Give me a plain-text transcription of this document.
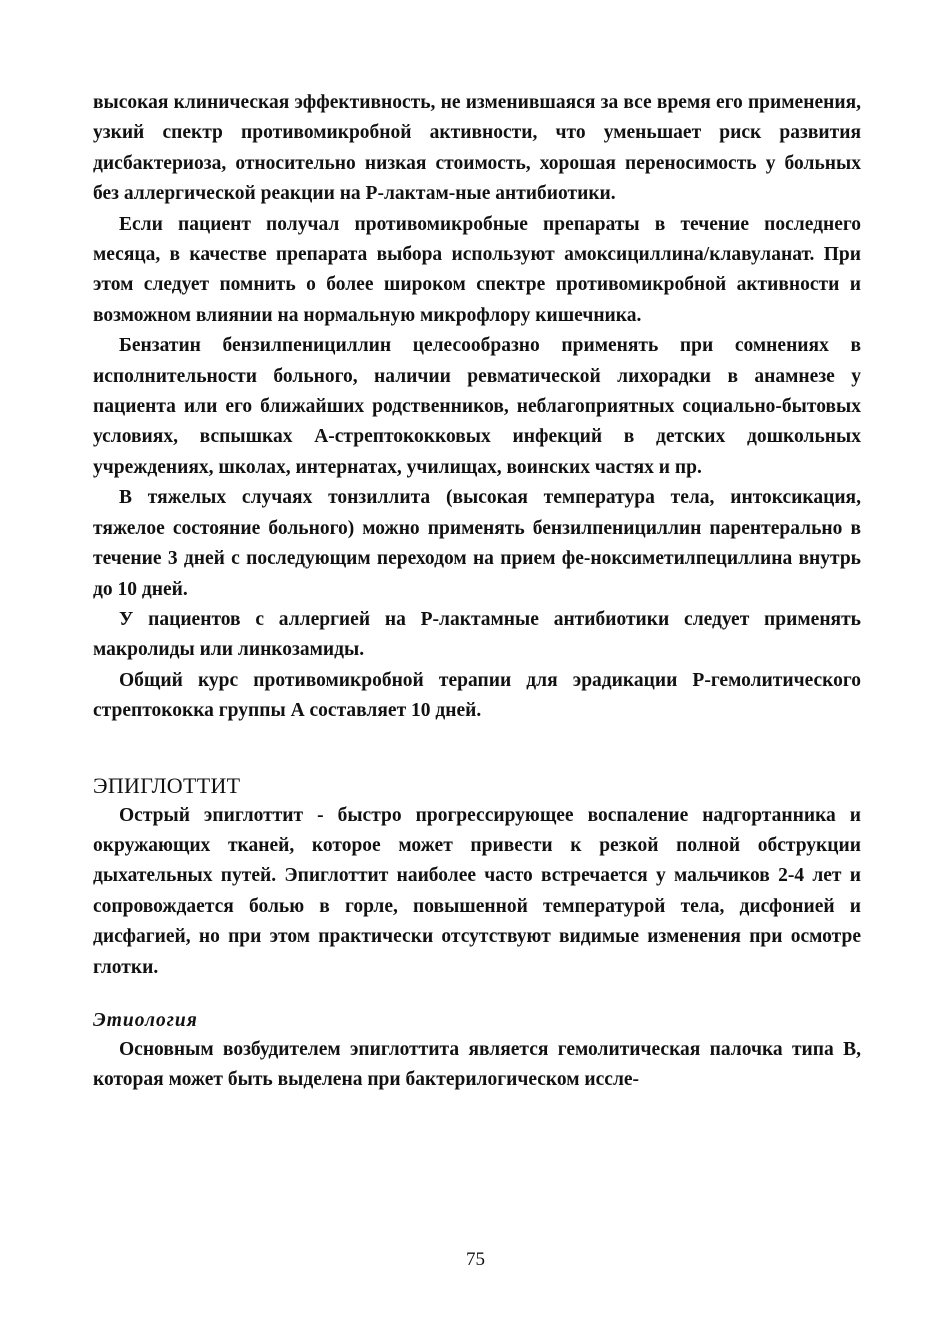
высокая клиническая эффективность, не изменившаяся за все время его применения, узкий спектр противомикробной активности, что уменьшает риск развития дисбактериоза, относительно низкая стоимость, хорошая переносимость у больных без аллергической реакции на Р-лактам-ные антибиотики.

Если пациент получал противомикробные препараты в течение последнего месяца, в качестве препарата выбора используют амоксициллина/клавуланат. При этом следует помнить о более широком спектре противомикробной активности и возможном влиянии на нормальную микрофлору кишечника.

Бензатин бензилпенициллин целесообразно применять при сомнениях в исполнительности больного, наличии ревматической лихорадки в анамнезе у пациента или его ближайших родственников, неблагоприятных социально-бытовых условиях, вспышках А-стрептококковых инфекций в детских дошкольных учреждениях, школах, интернатах, училищах, воинских частях и пр.

В тяжелых случаях тонзиллита (высокая температура тела, интоксикация, тяжелое состояние больного) можно применять бензилпенициллин парентерально в течение 3 дней с последующим переходом на прием фе-ноксиметилпециллина внутрь до 10 дней.

У пациентов с аллергией на Р-лактамные антибиотики следует применять макролиды или линкозамиды.

Общий курс противомикробной терапии для эрадикации Р-гемолитического стрептококка группы А составляет 10 дней.

ЭПИГЛОТТИТ

Острый эпиглоттит - быстро прогрессирующее воспаление надгортанника и окружающих тканей, которое может привести к резкой полной обструкции дыхательных путей. Эпиглоттит наиболее часто встречается у мальчиков 2-4 лет и сопровождается болью в горле, повышенной температурой тела, дисфонией и дисфагией, но при этом практически отсутствуют видимые изменения при осмотре глотки.

Этиология

Основным возбудителем эпиглоттита является гемолитическая палочка типа В, которая может быть выделена при бактерилогическом иссле-

75
